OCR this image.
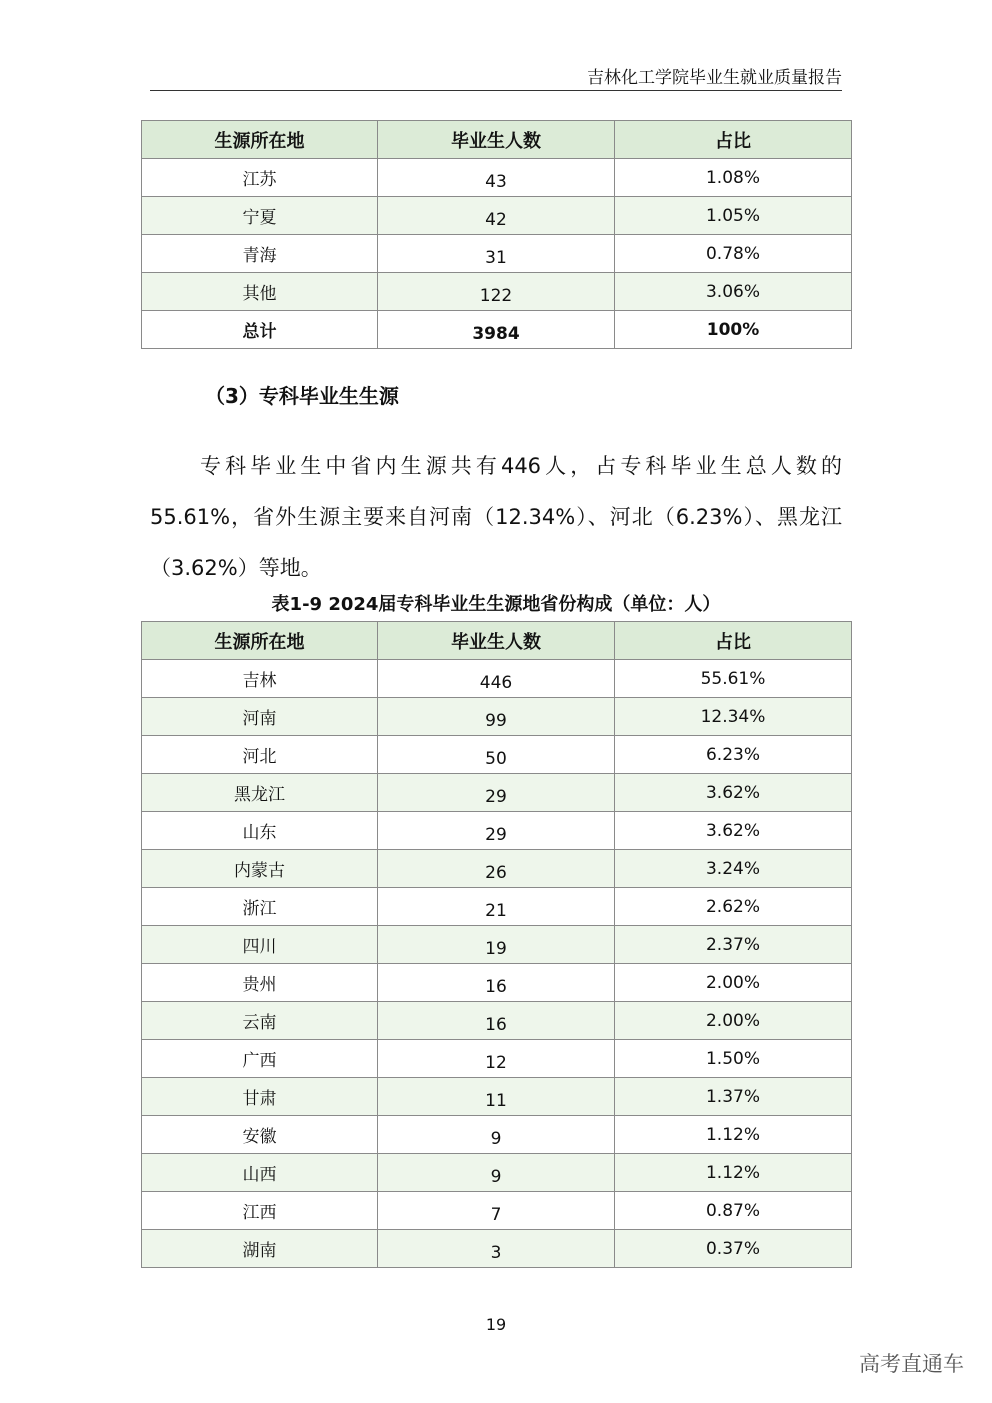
吉林化工学院毕业生就业质量报告
生源所在地	毕业生人数	占比
江苏	43	1.08%
宁夏	42	1.05%
青海	31	0.78%
其他	122	3.06%
总计	3984	100%
（3）专科毕业生生源

专科毕业生中省内生源共有446人，占专科毕业生总人数的55.61%，省外生源主要来自河南（12.34%）、河北（6.23%）、黑龙江（3.62%）等地。

表1-9 2024届专科毕业生生源地省份构成（单位：人）
生源所在地	毕业生人数	占比
吉林	446	55.61%
河南	99	12.34%
河北	50	6.23%
黑龙江	29	3.62%
山东	29	3.62%
内蒙古	26	3.24%
浙江	21	2.62%
四川	19	2.37%
贵州	16	2.00%
云南	16	2.00%
广西	12	1.50%
甘肃	11	1.37%
安徽	9	1.12%
山西	9	1.12%
江西	7	0.87%
湖南	3	0.37%
19
高考直通车
